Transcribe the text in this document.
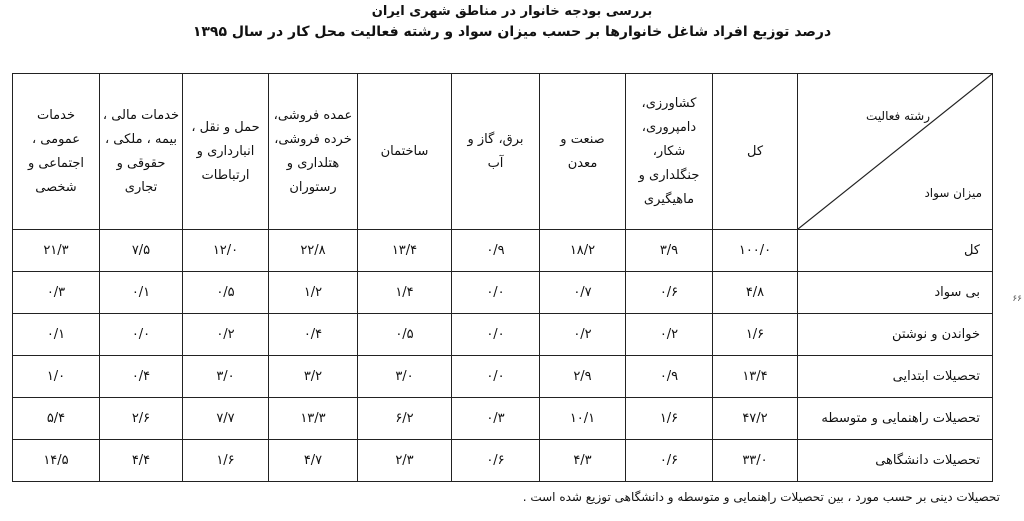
بررسی بودجه خانوار در مناطق شهری ایران
درصد توزیع افراد شاغل خانوارها بر حسب میزان سواد و رشته فعالیت محل کار در سال ۱۳۹۵
رشته فعالیت
میزان سواد	کل	کشاورزی،
دامپروری،
شکار،
جنگلداری و
ماهیگیری	صنعت و
معدن	برق، گاز و
آب	ساختمان	عمده فروشی،
خرده فروشی،
هتلداری و
رستوران	حمل و نقل ،
انبارداری و
ارتباطات	خدمات مالی ،
بیمه ، ملکی ،
حقوقی و
تجاری	خدمات
عمومی ،
اجتماعی و
شخصی
کل	۱۰۰/۰	۳/۹	۱۸/۲	۰/۹	۱۳/۴	۲۲/۸	۱۲/۰	۷/۵	۲۱/۳
بی سواد	۴/۸	۰/۶	۰/۷	۰/۰	۱/۴	۱/۲	۰/۵	۰/۱	۰/۳
خواندن و نوشتن	۱/۶	۰/۲	۰/۲	۰/۰	۰/۵	۰/۴	۰/۲	۰/۰	۰/۱
تحصیلات ابتدایی	۱۳/۴	۰/۹	۲/۹	۰/۰	۳/۰	۳/۲	۳/۰	۰/۴	۱/۰
تحصیلات راهنمایی و متوسطه	۴۷/۲	۱/۶	۱۰/۱	۰/۳	۶/۲	۱۳/۳	۷/۷	۲/۶	۵/۴
تحصیلات دانشگاهی	۳۳/۰	۰/۶	۴/۳	۰/۶	۲/۳	۴/۷	۱/۶	۴/۴	۱۴/۵
تحصیلات دینی بر حسب مورد ، بین تحصیلات راهنمایی و متوسطه و دانشگاهی توزیع شده است .
۶۶
